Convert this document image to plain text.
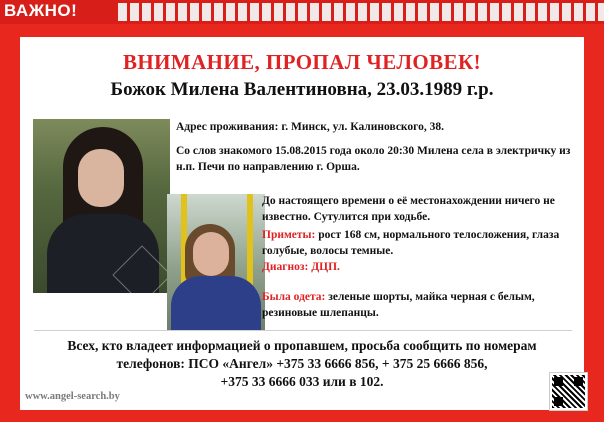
ВАЖНО!
ВНИМАНИЕ, ПРОПАЛ ЧЕЛОВЕК!
Божок Милена Валентиновна, 23.03.1989 г.р.
Адрес проживания: г. Минск, ул. Калиновского, 38.
Со слов знакомого 15.08.2015 года около 20:30 Милена села в электричку из н.п. Печи по направлению г. Орша.
До настоящего времени о её местонахождении ничего не известно. Сутулится при ходьбе.
Приметы: рост 168 см, нормального телосложения, глаза голубые, волосы темные.
Диагноз: ДЦП.
Была одета: зеленые шорты, майка черная с белым, резиновые шлепанцы.
Всех, кто владеет информацией о пропавшем, просьба сообщить по номерам
телефонов: ПСО «Ангел» +375 33 6666 856, + 375 25 6666 856,
+375 33 6666 033 или в 102.
www.angel-search.by
